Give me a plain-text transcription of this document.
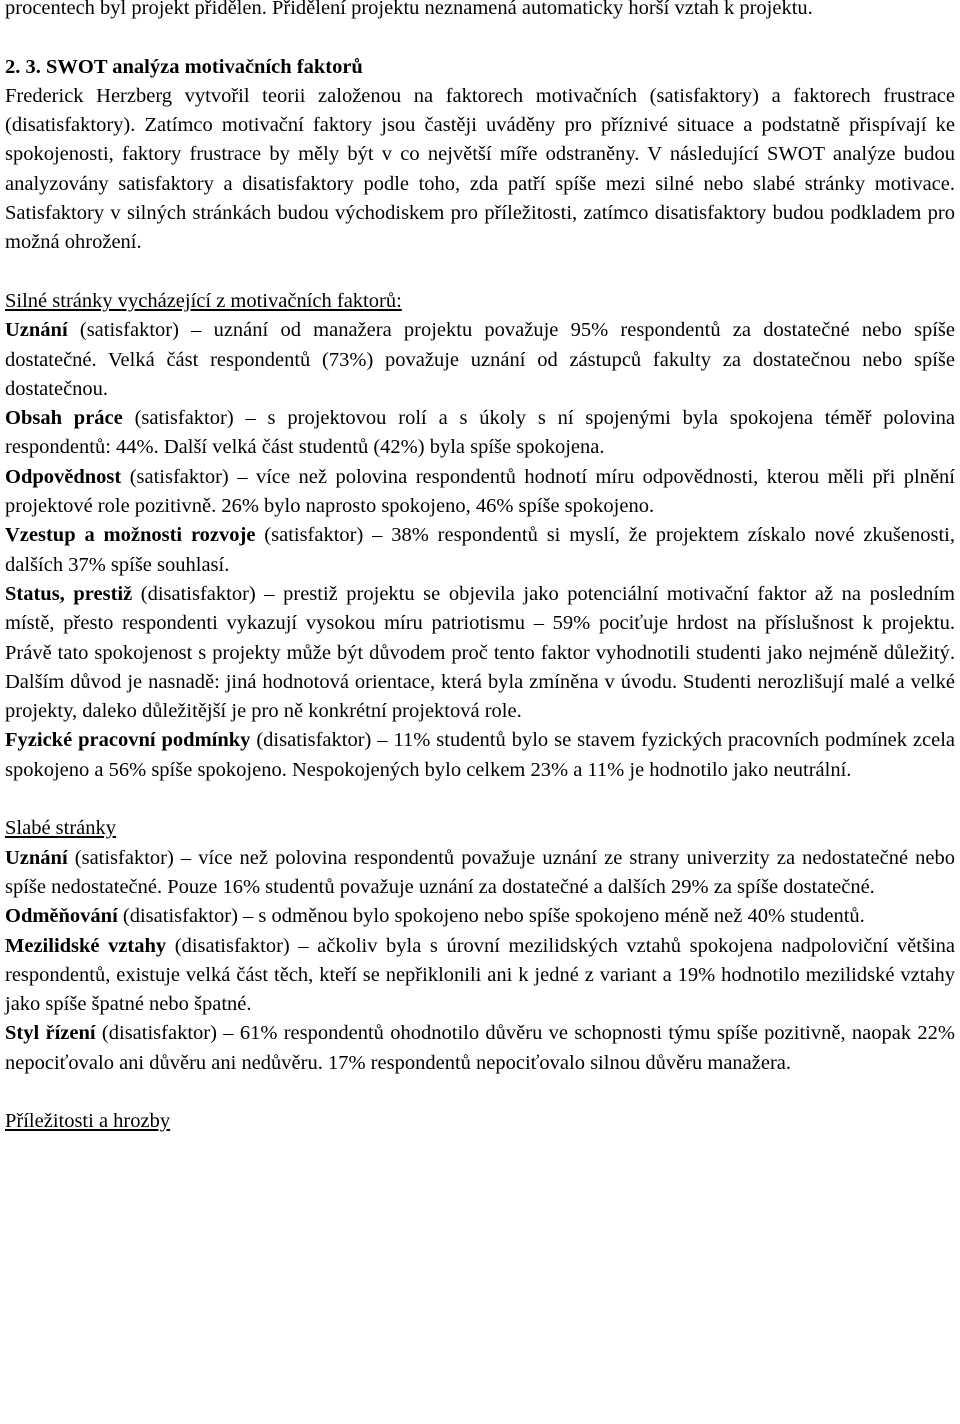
procentech byl projekt přidělen. Přidělení projektu neznamená automaticky horší vztah k projektu.

2. 3. SWOT analýza motivačních faktorů

Frederick Herzberg vytvořil teorii založenou na faktorech motivačních (satisfaktory) a faktorech frustrace (disatisfaktory). Zatímco motivační faktory jsou častěji uváděny pro příznivé situace a podstatně přispívají ke spokojenosti, faktory frustrace by měly být v co největší míře odstraněny. V následující SWOT analýze budou analyzovány satisfaktory a disatisfaktory podle toho, zda patří spíše mezi silné nebo slabé stránky motivace. Satisfaktory v silných stránkách budou východiskem pro příležitosti, zatímco disatisfaktory budou podkladem pro možná ohrožení.

Silné stránky vycházející z motivačních faktorů:

Uznání (satisfaktor) – uznání od manažera projektu považuje 95% respondentů za dostatečné nebo spíše dostatečné. Velká část respondentů (73%) považuje uznání od zástupců fakulty za dostatečnou nebo spíše dostatečnou.

Obsah práce (satisfaktor) – s projektovou rolí a s úkoly s ní spojenými byla spokojena téměř polovina respondentů: 44%. Další velká část studentů (42%) byla spíše spokojena.

Odpovědnost (satisfaktor) – více než polovina respondentů hodnotí míru odpovědnosti, kterou měli při plnění projektové role pozitivně. 26% bylo naprosto spokojeno, 46% spíše spokojeno.

Vzestup a možnosti rozvoje (satisfaktor) – 38% respondentů si myslí, že projektem získalo nové zkušenosti, dalších 37% spíše souhlasí.

Status, prestiž (disatisfaktor) – prestiž projektu se objevila jako potenciální motivační faktor až na posledním místě, přesto respondenti vykazují vysokou míru patriotismu – 59% pociťuje hrdost na příslušnost k projektu. Právě tato spokojenost s projekty může být důvodem proč tento faktor vyhodnotili studenti jako nejméně důležitý. Dalším důvod je nasnadě: jiná hodnotová orientace, která byla zmíněna v úvodu. Studenti nerozlišují malé a velké projekty, daleko důležitější je pro ně konkrétní projektová role.

Fyzické pracovní podmínky (disatisfaktor) – 11% studentů bylo se stavem fyzických pracovních podmínek zcela spokojeno a 56% spíše spokojeno. Nespokojených bylo celkem 23% a 11% je hodnotilo jako neutrální.

Slabé stránky

Uznání (satisfaktor) – více než polovina respondentů považuje uznání ze strany univerzity za nedostatečné nebo spíše nedostatečné. Pouze 16% studentů považuje uznání za dostatečné a dalších 29% za spíše dostatečné.

Odměňování (disatisfaktor) – s odměnou bylo spokojeno nebo spíše spokojeno méně než 40% studentů.

Mezilidské vztahy (disatisfaktor) – ačkoliv byla s úrovní mezilidských vztahů spokojena nadpoloviční většina respondentů, existuje velká část těch, kteří se nepřiklonili ani k jedné z variant a 19% hodnotilo mezilidské vztahy jako spíše špatné nebo špatné.

Styl řízení (disatisfaktor) – 61% respondentů ohodnotilo důvěru ve schopnosti týmu spíše pozitivně, naopak 22% nepociťovalo ani důvěru ani nedůvěru. 17% respondentů nepociťovalo silnou důvěru manažera.

Příležitosti a hrozby
